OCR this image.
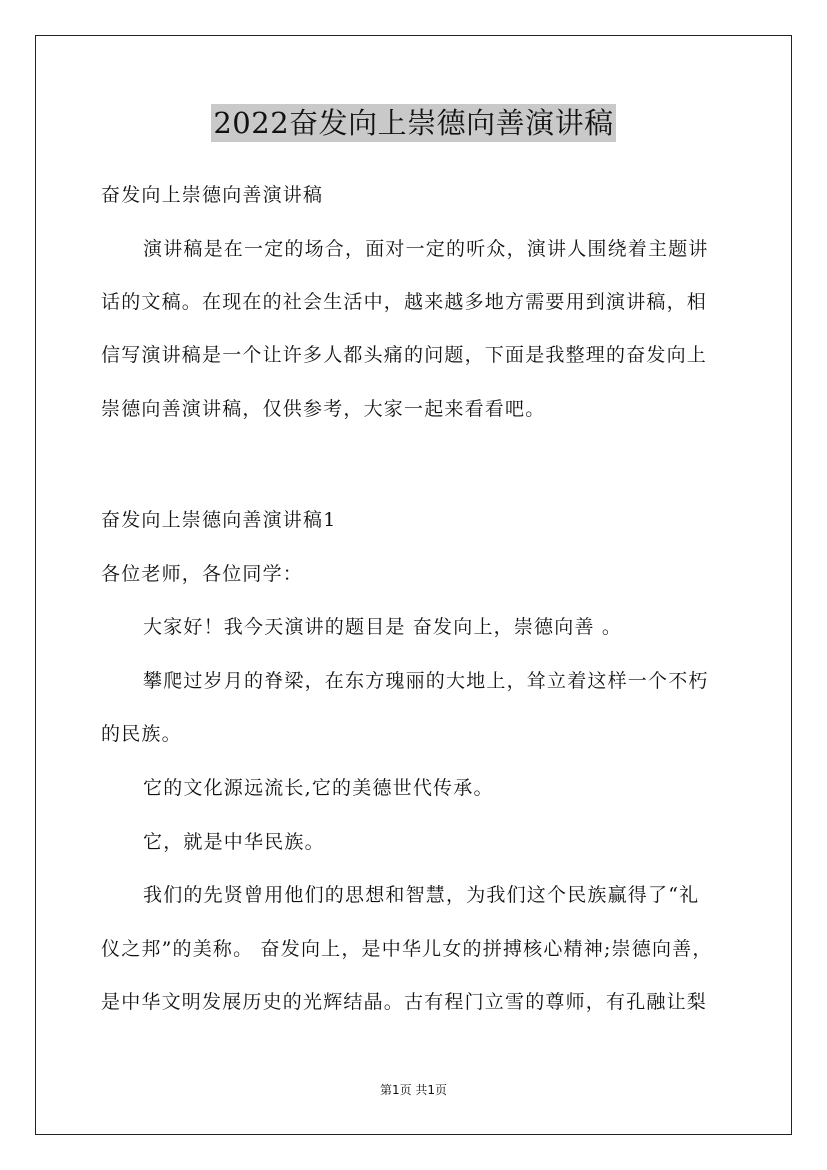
2022奋发向上崇德向善演讲稿
奋发向上崇德向善演讲稿
演讲稿是在一定的场合，面对一定的听众，演讲人围绕着主题讲
话的文稿。在现在的社会生活中，越来越多地方需要用到演讲稿，相
信写演讲稿是一个让许多人都头痛的问题，下面是我整理的奋发向上
崇德向善演讲稿，仅供参考，大家一起来看看吧。
奋发向上崇德向善演讲稿1
各位老师，各位同学：
大家好！我今天演讲的题目是 奋发向上，崇德向善 。
攀爬过岁月的脊梁，在东方瑰丽的大地上，耸立着这样一个不朽
的民族。
它的文化源远流长,它的美德世代传承。
它，就是中华民族。
我们的先贤曾用他们的思想和智慧，为我们这个民族赢得了“礼
仪之邦”的美称。 奋发向上，是中华儿女的拼搏核心精神;崇德向善，
是中华文明发展历史的光辉结晶。古有程门立雪的尊师，有孔融让梨
第1页 共1页
